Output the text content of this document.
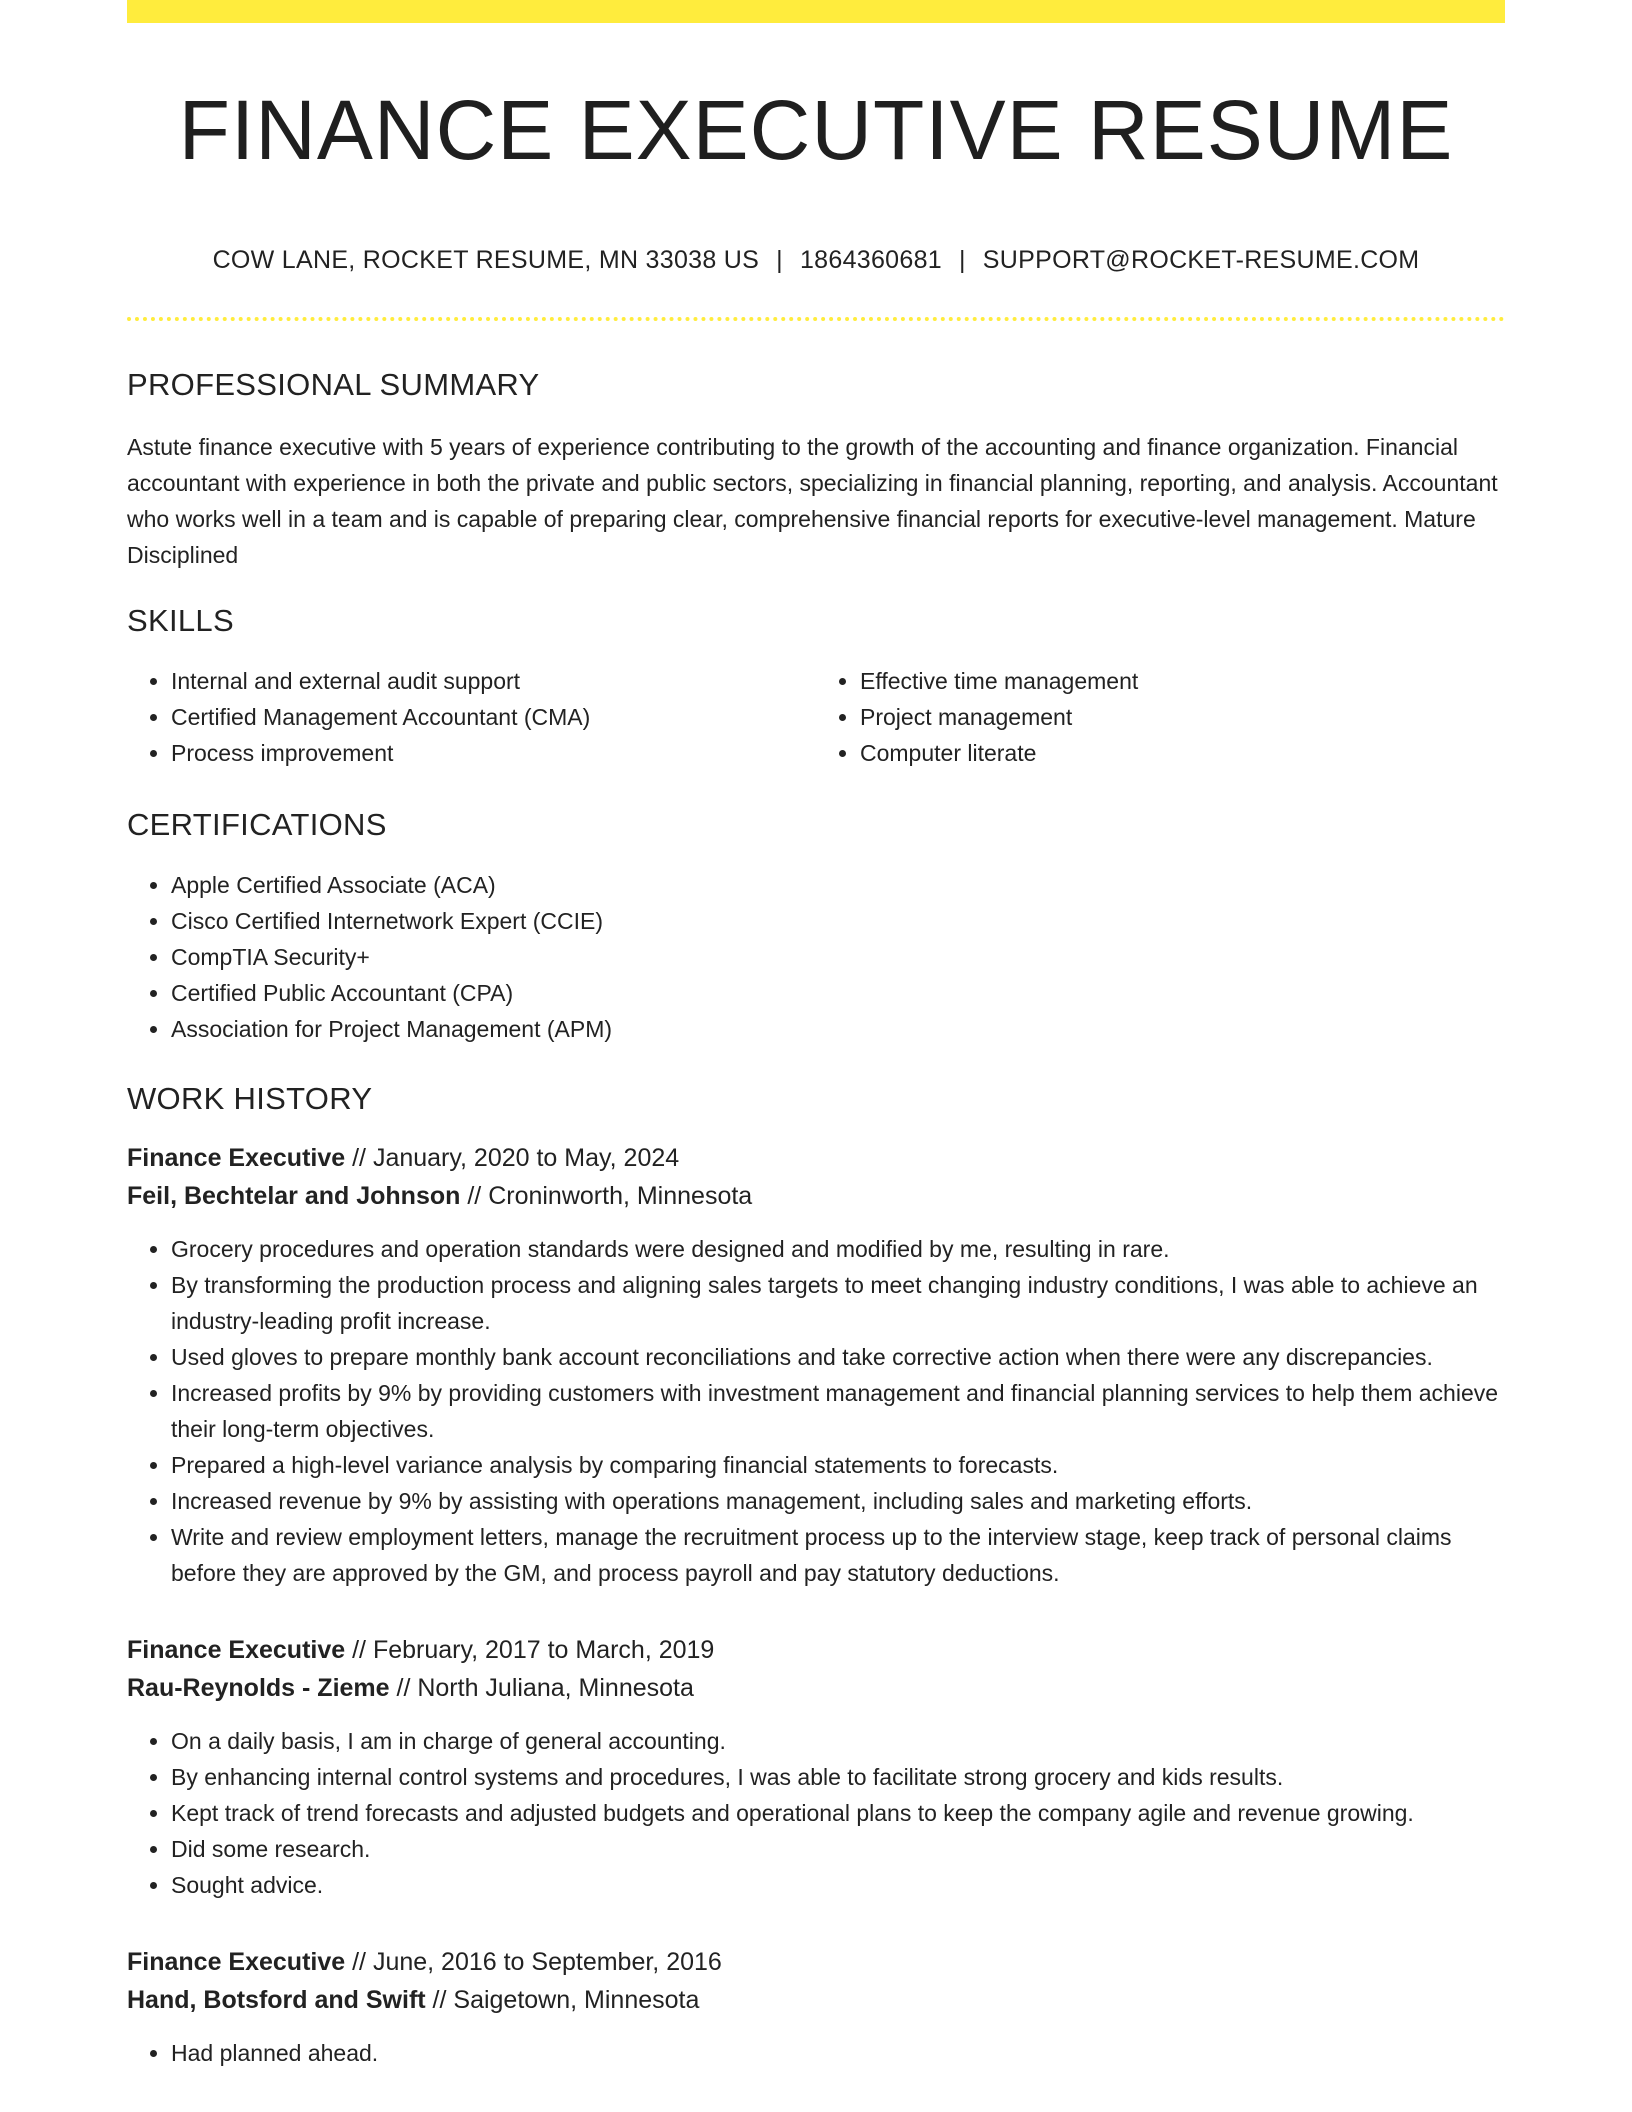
FINANCE EXECUTIVE RESUME
COW LANE, ROCKET RESUME, MN 33038 US | 1864360681 | SUPPORT@ROCKET-RESUME.COM
PROFESSIONAL SUMMARY
Astute finance executive with 5 years of experience contributing to the growth of the accounting and finance organization. Financial accountant with experience in both the private and public sectors, specializing in financial planning, reporting, and analysis. Accountant who works well in a team and is capable of preparing clear, comprehensive financial reports for executive-level management. Mature Disciplined
SKILLS
• Internal and external audit support
• Certified Management Accountant (CMA)
• Process improvement
• Effective time management
• Project management
• Computer literate
CERTIFICATIONS
• Apple Certified Associate (ACA)
• Cisco Certified Internetwork Expert (CCIE)
• CompTIA Security+
• Certified Public Accountant (CPA)
• Association for Project Management (APM)
WORK HISTORY
Finance Executive // January, 2020 to May, 2024
Feil, Bechtelar and Johnson // Croninworth, Minnesota
• Grocery procedures and operation standards were designed and modified by me, resulting in rare.
• By transforming the production process and aligning sales targets to meet changing industry conditions, I was able to achieve an industry-leading profit increase.
• Used gloves to prepare monthly bank account reconciliations and take corrective action when there were any discrepancies.
• Increased profits by 9% by providing customers with investment management and financial planning services to help them achieve their long-term objectives.
• Prepared a high-level variance analysis by comparing financial statements to forecasts.
• Increased revenue by 9% by assisting with operations management, including sales and marketing efforts.
• Write and review employment letters, manage the recruitment process up to the interview stage, keep track of personal claims before they are approved by the GM, and process payroll and pay statutory deductions.
Finance Executive // February, 2017 to March, 2019
Rau-Reynolds - Zieme // North Juliana, Minnesota
• On a daily basis, I am in charge of general accounting.
• By enhancing internal control systems and procedures, I was able to facilitate strong grocery and kids results.
• Kept track of trend forecasts and adjusted budgets and operational plans to keep the company agile and revenue growing.
• Did some research.
• Sought advice.
Finance Executive // June, 2016 to September, 2016
Hand, Botsford and Swift // Saigetown, Minnesota
• Had planned ahead.
